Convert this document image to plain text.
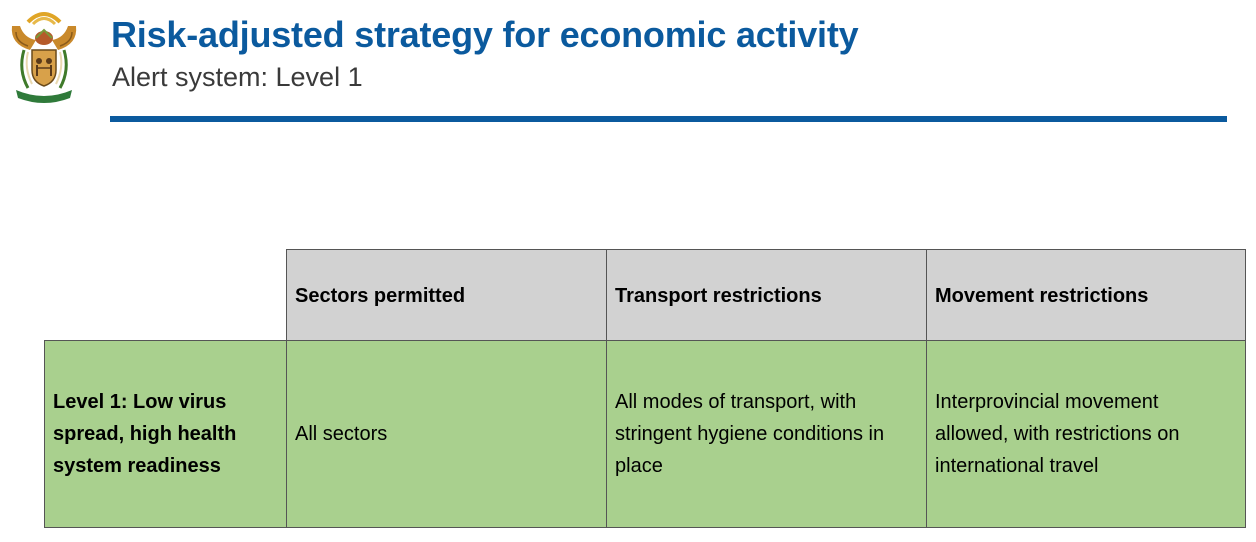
Risk-adjusted strategy for economic activity
Alert system: Level 1
Sectors permitted	Transport restrictions	Movement restrictions
Level 1: Low virus spread, high health system readiness
All sectors
All modes of transport, with stringent hygiene conditions in place
Interprovincial movement allowed, with restrictions on international travel
